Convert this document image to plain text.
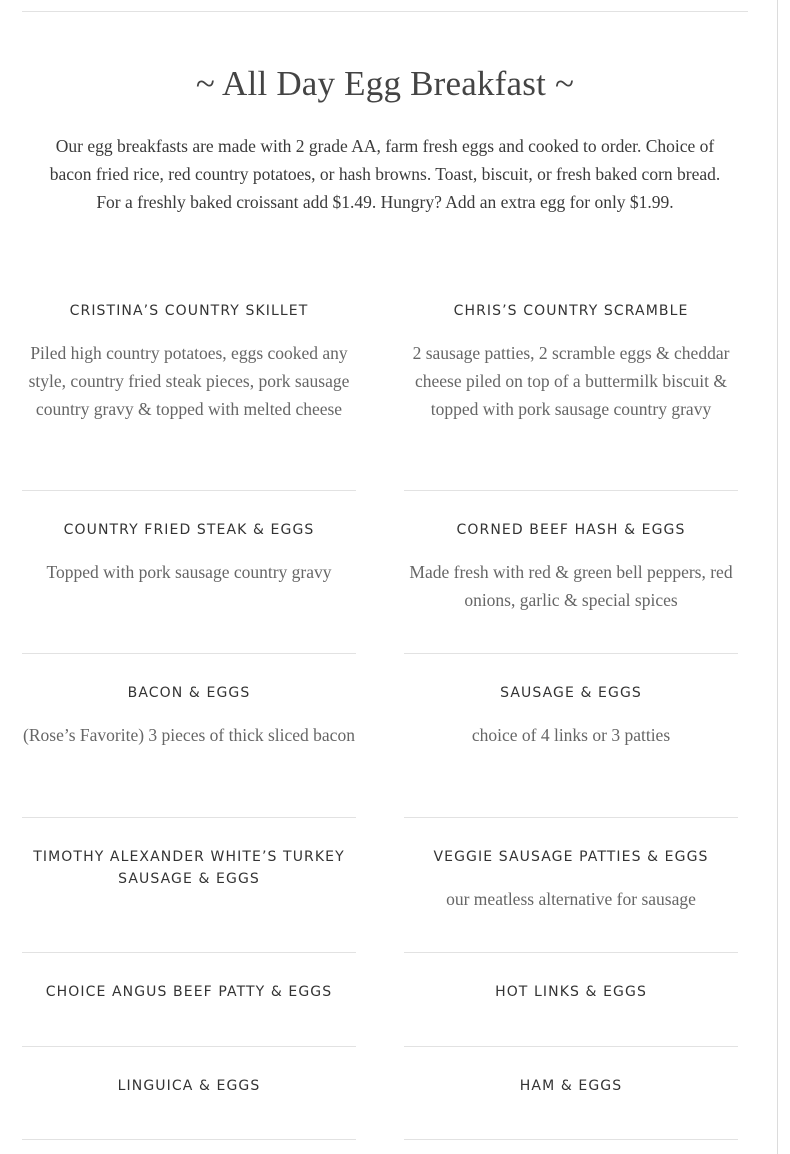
~ All Day Egg Breakfast ~
Our egg breakfasts are made with 2 grade AA, farm fresh eggs and cooked to order. Choice of
bacon fried rice, red country potatoes, or hash browns. Toast, biscuit, or fresh baked corn bread.
For a freshly baked croissant add $1.49. Hungry? Add an extra egg for only $1.99.
CRISTINA’S COUNTRY SKILLET
Piled high country potatoes, eggs cooked any style, country fried steak pieces, pork sausage country gravy & topped with melted cheese
CHRIS’S COUNTRY SCRAMBLE
2 sausage patties, 2 scramble eggs & cheddar cheese piled on top of a buttermilk biscuit & topped with pork sausage country gravy
COUNTRY FRIED STEAK & EGGS
Topped with pork sausage country gravy
CORNED BEEF HASH & EGGS
Made fresh with red & green bell peppers, red onions, garlic & special spices
BACON & EGGS
(Rose’s Favorite) 3 pieces of thick sliced bacon
SAUSAGE & EGGS
choice of 4 links or 3 patties
TIMOTHY ALEXANDER WHITE’S TURKEY SAUSAGE & EGGS
VEGGIE SAUSAGE PATTIES & EGGS
our meatless alternative for sausage
CHOICE ANGUS BEEF PATTY & EGGS	HOT LINKS & EGGS
LINGUICA & EGGS	HAM & EGGS
